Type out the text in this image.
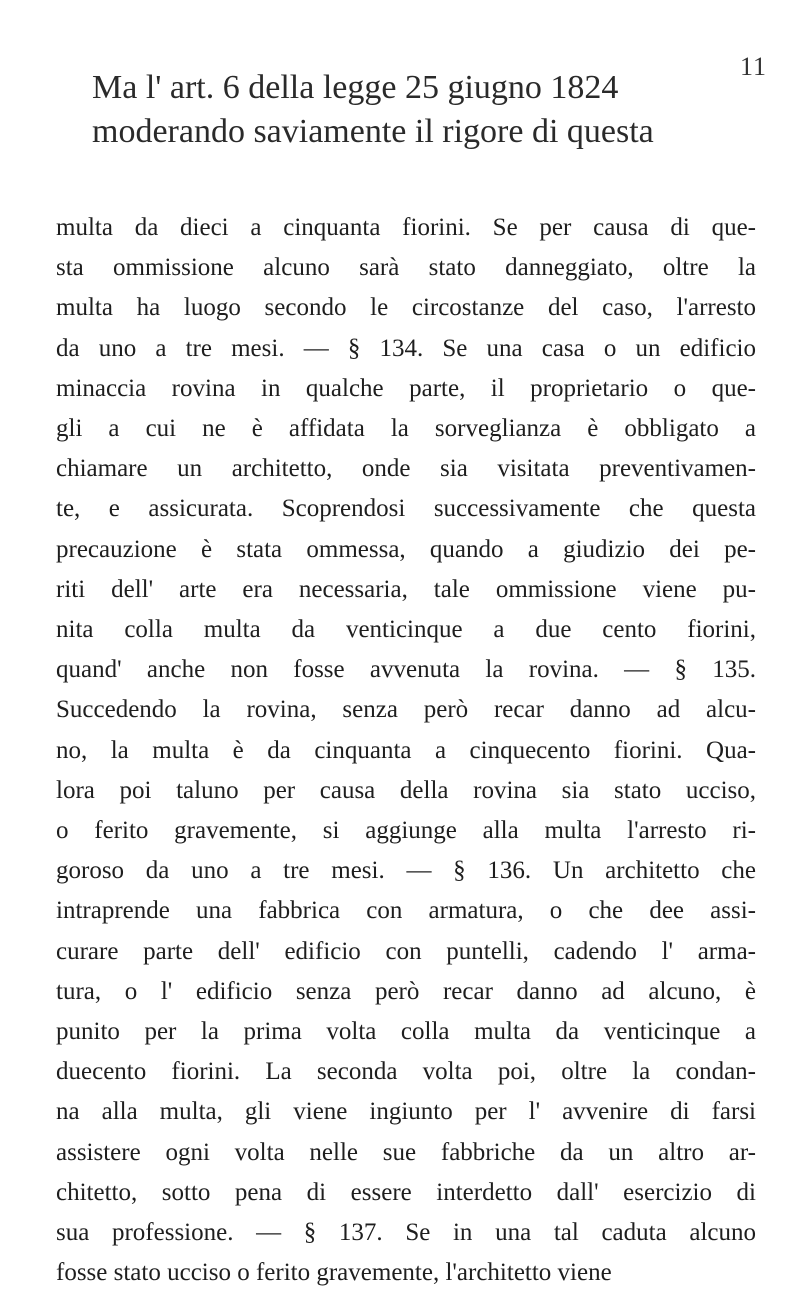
11
Ma l' art. 6 della legge 25 giugno 1824
moderando saviamente il rigore di questa
multa da dieci a cinquanta fiorini. Se per causa di que-
sta ommissione alcuno sarà stato danneggiato, oltre la
multa ha luogo secondo le circostanze del caso, l'arresto
da uno a tre mesi. — § 134. Se una casa o un edificio
minaccia rovina in qualche parte, il proprietario o que-
gli a cui ne è affidata la sorveglianza è obbligato a
chiamare un architetto, onde sia visitata preventivamen-
te, e assicurata. Scoprendosi successivamente che questa
precauzione è stata ommessa, quando a giudizio dei pe-
riti dell' arte era necessaria, tale ommissione viene pu-
nita colla multa da venticinque a due cento fiorini,
quand' anche non fosse avvenuta la rovina. — § 135.
Succedendo la rovina, senza però recar danno ad alcu-
no, la multa è da cinquanta a cinquecento fiorini. Qua-
lora poi taluno per causa della rovina sia stato ucciso,
o ferito gravemente, si aggiunge alla multa l'arresto ri-
goroso da uno a tre mesi. — § 136. Un architetto che
intraprende una fabbrica con armatura, o che dee assi-
curare parte dell' edificio con puntelli, cadendo l' arma-
tura, o l' edificio senza però recar danno ad alcuno, è
punito per la prima volta colla multa da venticinque a
duecento fiorini. La seconda volta poi, oltre la condan-
na alla multa, gli viene ingiunto per l' avvenire di farsi
assistere ogni volta nelle sue fabbriche da un altro ar-
chitetto, sotto pena di essere interdetto dall' esercizio di
sua professione. — § 137. Se in una tal caduta alcuno
fosse stato ucciso o ferito gravemente, l'architetto viene
